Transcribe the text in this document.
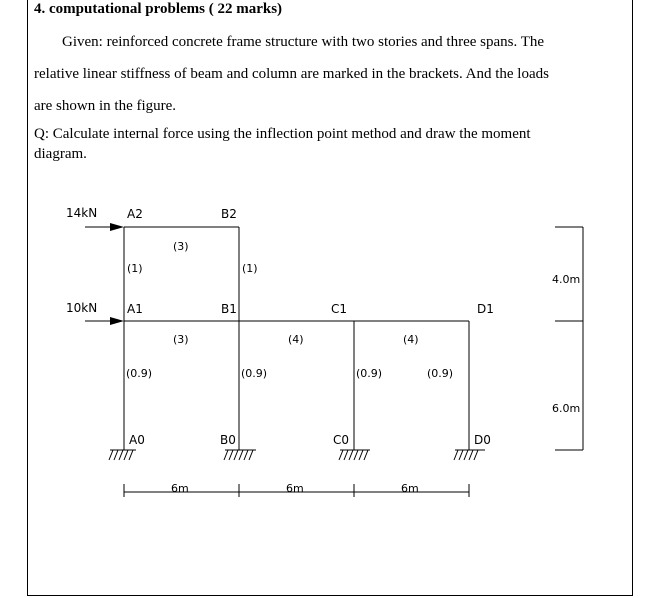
4. computational problems ( 22 marks)
Given: reinforced concrete frame structure with two stories and three spans. The
relative linear stiffness of beam and column are marked in the brackets. And the loads
are shown in the figure.
Q: Calculate internal force using the inflection point method and draw the moment
diagram.
14kN
10kN
A2	B2
A1	B1	C1	D1
A0	B0	C0	D0
(3)
(1)	(1)
(3)	(4)	(4)
(0.9)	(0.9)	(0.9)	(0.9)
4.0m
6.0m
6m	6m	6m
